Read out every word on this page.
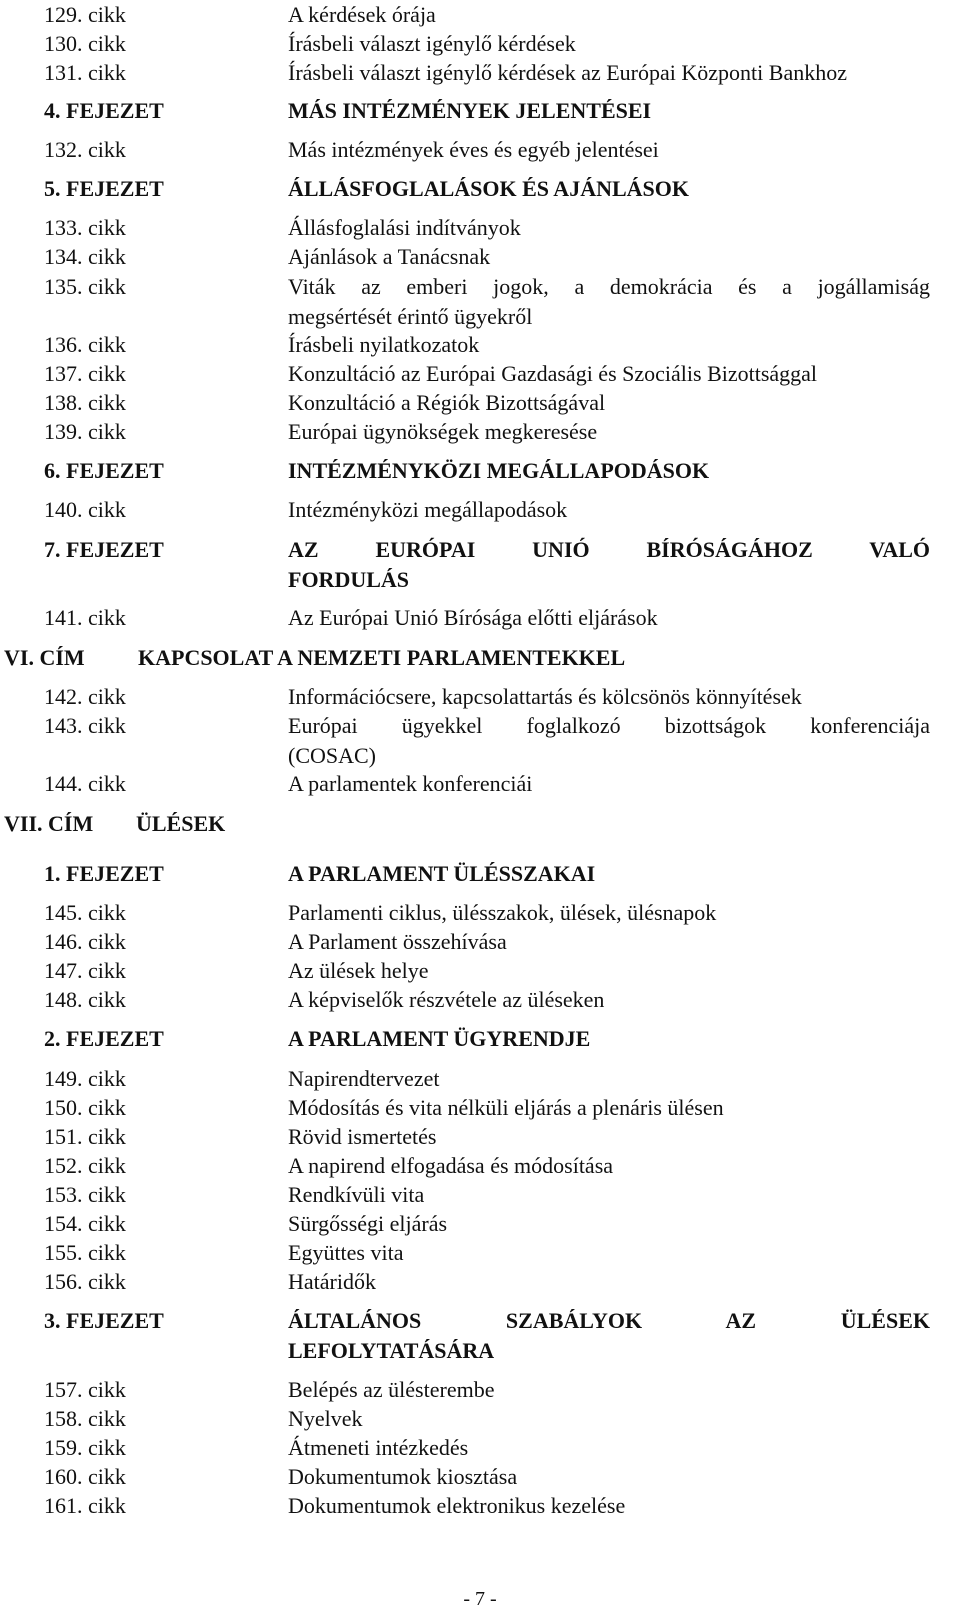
129. cikk	A kérdések órája
130. cikk	Írásbeli választ igénylő kérdések
131. cikk	Írásbeli választ igénylő kérdések az Európai Központi Bankhoz
4. FEJEZET	MÁS INTÉZMÉNYEK JELENTÉSEI
132. cikk	Más intézmények éves és egyéb jelentései
5. FEJEZET	ÁLLÁSFOGLALÁSOK ÉS AJÁNLÁSOK
133. cikk	Állásfoglalási indítványok
134. cikk	Ajánlások a Tanácsnak
135. cikk	Viták az emberi jogok, a demokrácia és a jogállamiság
megsértését érintő ügyekről
136. cikk	Írásbeli nyilatkozatok
137. cikk	Konzultáció az Európai Gazdasági és Szociális Bizottsággal
138. cikk	Konzultáció a Régiók Bizottságával
139. cikk	Európai ügynökségek megkeresése
6. FEJEZET	INTÉZMÉNYKÖZI MEGÁLLAPODÁSOK
140. cikk	Intézményközi megállapodások
7. FEJEZET	AZ EURÓPAI UNIÓ BÍRÓSÁGÁHOZ VALÓ
FORDULÁS
141. cikk	Az Európai Unió Bírósága előtti eljárások
VI. CÍM KAPCSOLAT A NEMZETI PARLAMENTEKKEL
142. cikk	Információcsere, kapcsolattartás és kölcsönös könnyítések
143. cikk	Európai ügyekkel foglalkozó bizottságok konferenciája
(COSAC)
144. cikk	A parlamentek konferenciái
VII. CÍM ÜLÉSEK
1. FEJEZET	A PARLAMENT ÜLÉSSZAKAI
145. cikk	Parlamenti ciklus, ülésszakok, ülések, ülésnapok
146. cikk	A Parlament összehívása
147. cikk	Az ülések helye
148. cikk	A képviselők részvétele az üléseken
2. FEJEZET	A PARLAMENT ÜGYRENDJE
149. cikk	Napirendtervezet
150. cikk	Módosítás és vita nélküli eljárás a plenáris ülésen
151. cikk	Rövid ismertetés
152. cikk	A napirend elfogadása és módosítása
153. cikk	Rendkívüli vita
154. cikk	Sürgősségi eljárás
155. cikk	Együttes vita
156. cikk	Határidők
3. FEJEZET	ÁLTALÁNOS SZABÁLYOK AZ ÜLÉSEK
LEFOLYTATÁSÁRA
157. cikk	Belépés az ülésterembe
158. cikk	Nyelvek
159. cikk	Átmeneti intézkedés
160. cikk	Dokumentumok kiosztása
161. cikk	Dokumentumok elektronikus kezelése
- 7 -
